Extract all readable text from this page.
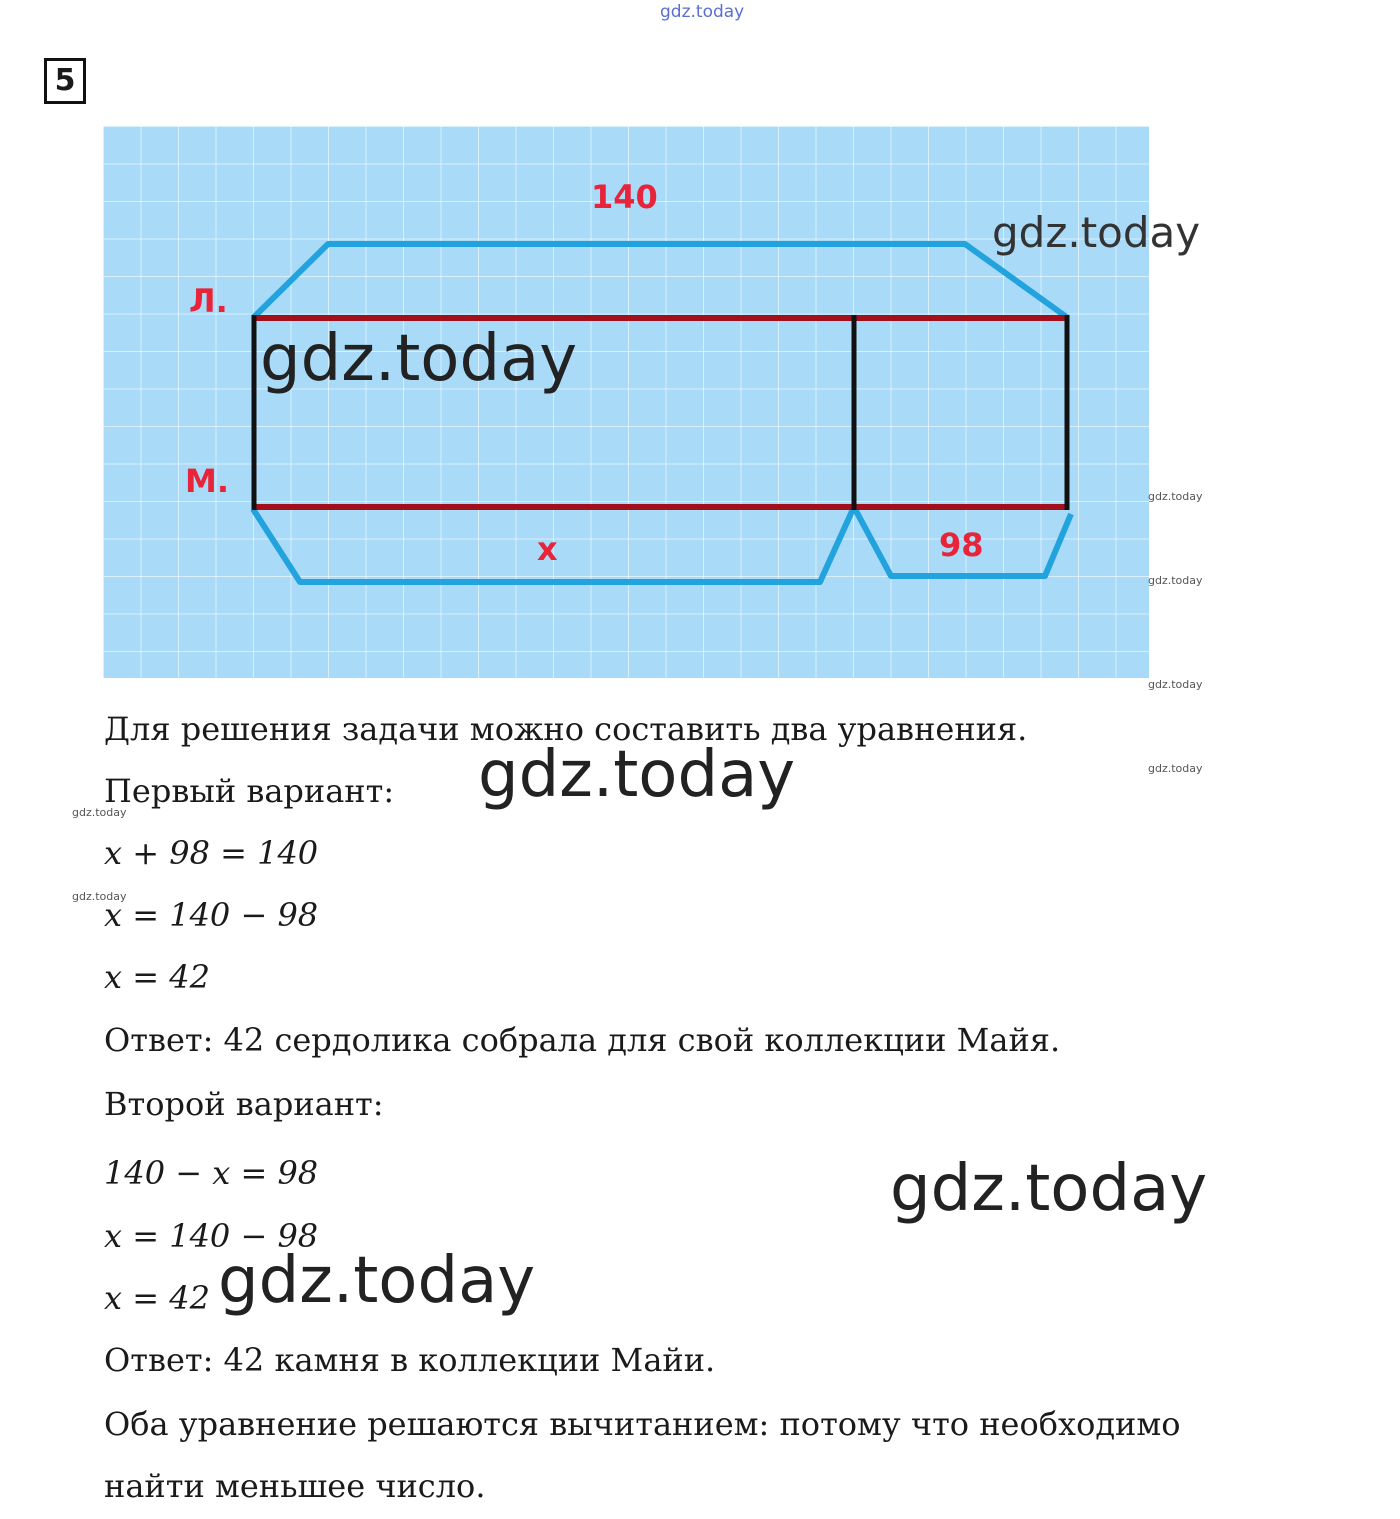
gdz.today
5
140
Л.
М.
x	98
gdz.today
gdz.today
gdz.today
gdz.today
gdz.today
gdz.today
gdz.today
gdz.today
Для решения задачи можно составить два уравнения.
Первый вариант:
x + 98 = 140
x = 140 − 98
x = 42
Ответ: 42 сердолика собрала для свой коллекции Майя.
Второй вариант:
140 − x = 98
x = 140 − 98
x = 42
Ответ: 42 камня в коллекции Майи.
Оба уравнение решаются вычитанием: потому что необходимо
найти меньшее число.
gdz.today
gdz.today
gdz.today
